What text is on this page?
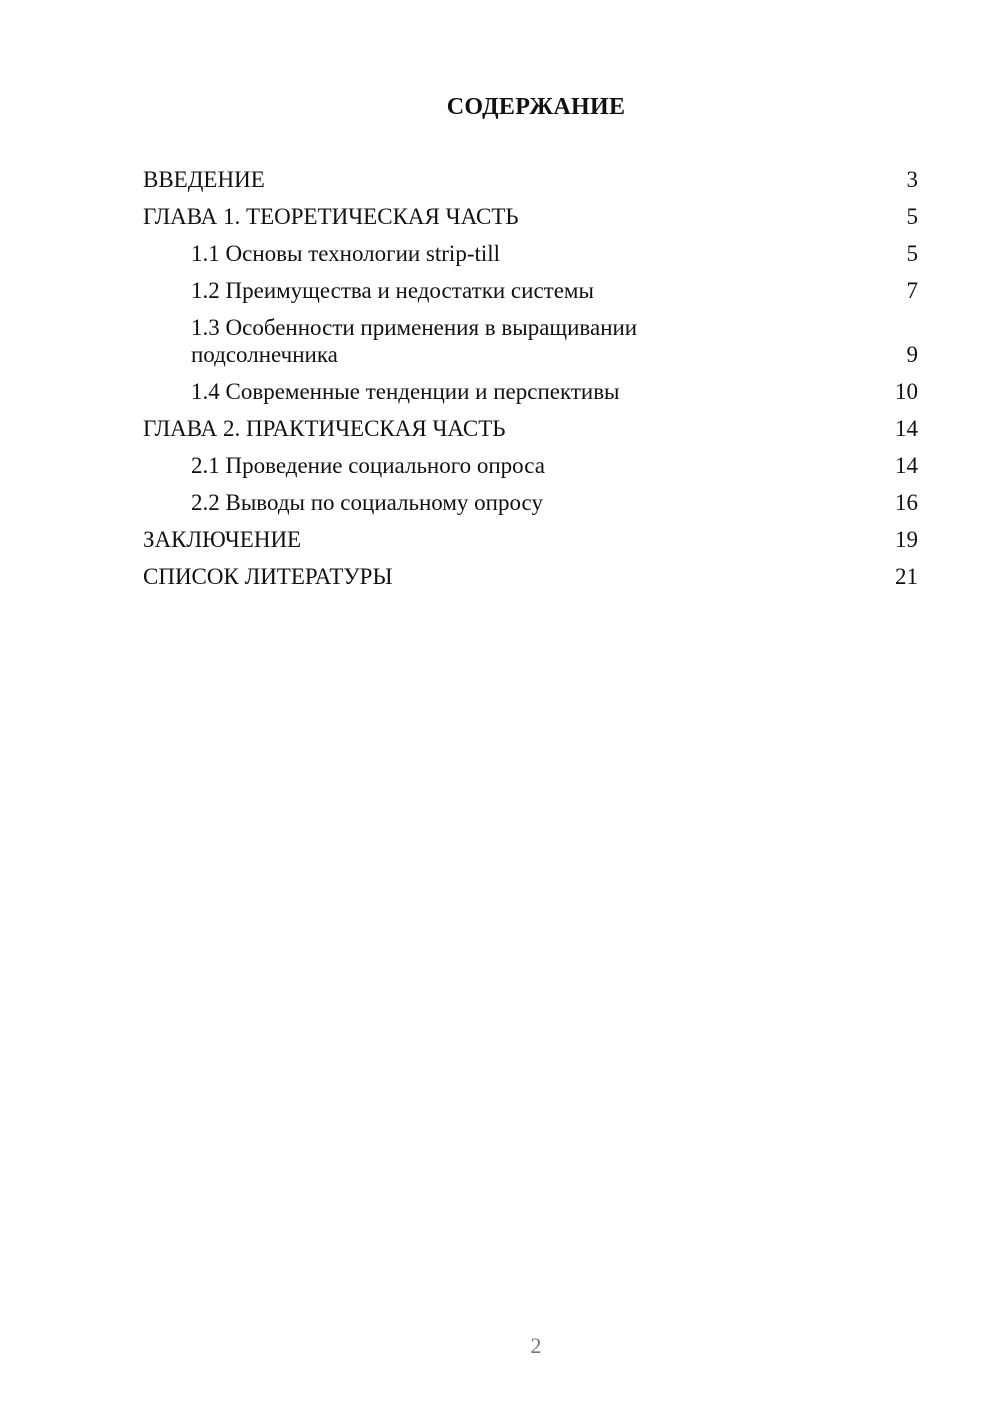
СОДЕРЖАНИЕ
ВВЕДЕНИЕ	3
ГЛАВА 1. ТЕОРЕТИЧЕСКАЯ ЧАСТЬ	5
1.1 Основы технологии strip-till	5
1.2 Преимущества и недостатки системы	7
1.3 Особенности применения в выращивании подсолнечника	9
1.4 Современные тенденции и перспективы	10
ГЛАВА 2. ПРАКТИЧЕСКАЯ ЧАСТЬ	14
2.1 Проведение социального опроса	14
2.2 Выводы по социальному опросу	16
ЗАКЛЮЧЕНИЕ	19
СПИСОК ЛИТЕРАТУРЫ	21
2
